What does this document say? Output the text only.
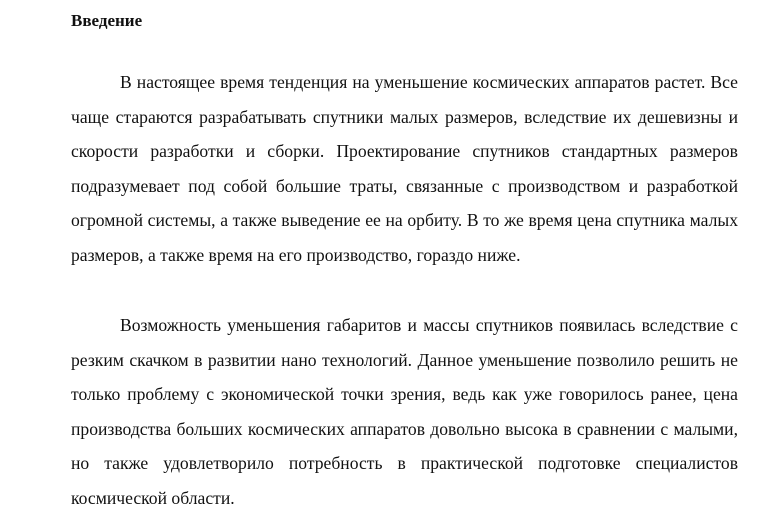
Введение

В настоящее время тенденция на уменьшение космических аппаратов растет. Все чаще стараются разрабатывать спутники малых размеров, вследствие их дешевизны и скорости разработки и сборки. Проектирование спутников стандартных размеров подразумевает под собой большие траты, связанные с производством и разработкой огромной системы, а также выведение ее на орбиту. В то же время цена спутника малых размеров, а также время на его производство, гораздо ниже.

Возможность уменьшения габаритов и массы спутников появилась вследствие с резким скачком в развитии нано технологий. Данное уменьшение позволило решить не только проблему с экономической точки зрения, ведь как уже говорилось ранее, цена производства больших космических аппаратов довольно высока в сравнении с малыми, но также удовлетворило потребность в практической подготовке специалистов космической области.
